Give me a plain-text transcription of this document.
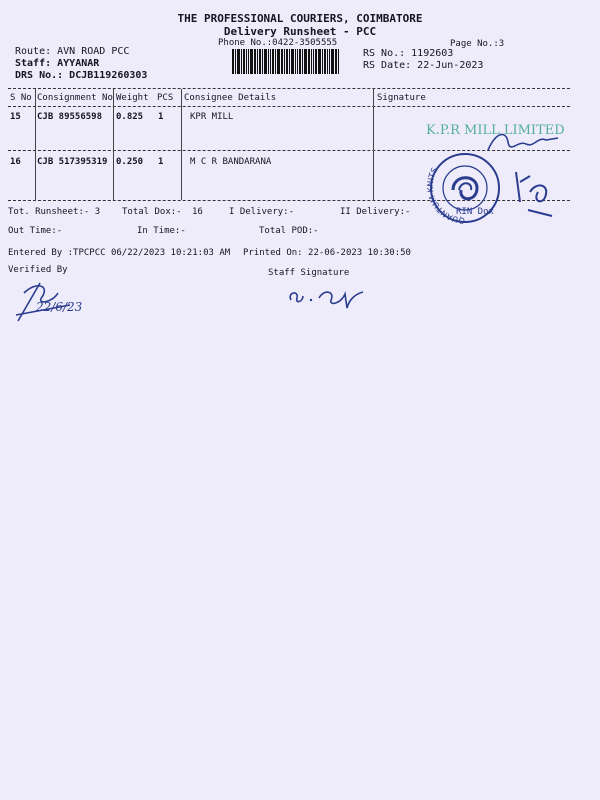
THE PROFESSIONAL COURIERS, COIMBATORE
Delivery Runsheet - PCC
Phone No.:0422-3505555	Page No.:3
Route: AVN ROAD PCC
Staff: AYYANAR
DRS No.: DCJB119260303
RS No.: 1192603
RS Date: 22-Jun-2023
S No Consignment No Weight PCS Consignee Details	Signature
15 CJB 89556598 0.825 1	KPR MILL
16 CJB 517395319 0.250 1	M C R BANDARANA
Tot. Runsheet:- 3 Total Dox:- 16	I Delivery:-	II Delivery:-
Out Time:-	In Time:-	Total POD:-
Entered By :TPCPCC 06/22/2023 10:21:03 AM Printed On: 22-06-2023 10:30:50
Verified By	Staff Signature
K.P.R MILL LIMITED
QUANTUM KNITS
RIN Dox
22/6/23
